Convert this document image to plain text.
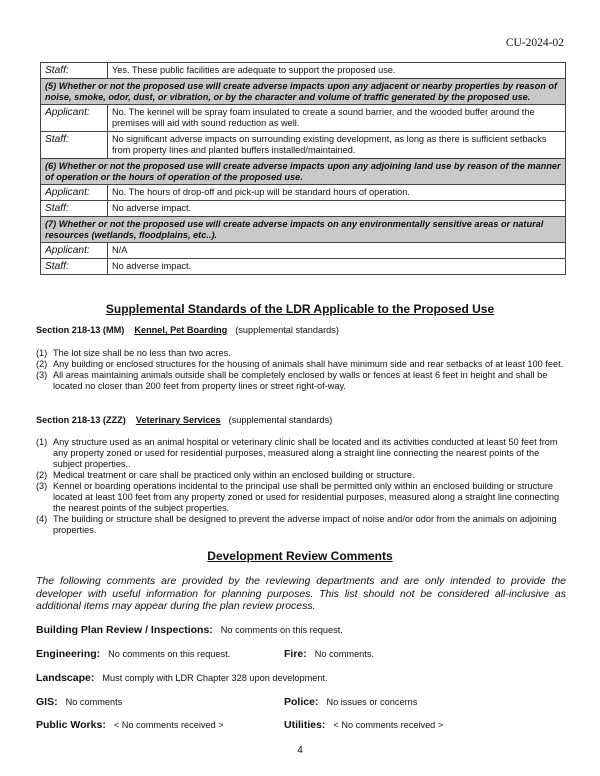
CU-2024-02
Staff:	Yes. These public facilities are adequate to support the proposed use.
(5) Whether or not the proposed use will create adverse impacts upon any adjacent or nearby properties by reason of noise, smoke, odor, dust, or vibration, or by the character and volume of traffic generated by the proposed use.	
Applicant:	No. The kennel will be spray foam insulated to create a sound barrier, and the wooded buffer around the premises will aid with sound reduction as well.
Staff:	No significant adverse impacts on surrounding existing development, as long as there is sufficient setbacks from property lines and planted buffers installed/maintained.
(6) Whether or not the proposed use will create adverse impacts upon any adjoining land use by reason of the manner of operation or the hours of operation of the proposed use.	
Applicant:	No. The hours of drop-off and pick-up will be standard hours of operation.
Staff:	No adverse impact.
(7) Whether or not the proposed use will create adverse impacts on any environmentally sensitive areas or natural resources (wetlands, floodplains, etc..).	
Applicant:	N/A
Staff:	No adverse impact.
Supplemental Standards of the LDR Applicable to the Proposed Use
Section 218-13 (MM) Kennel, Pet Boarding (supplemental standards)
(1) The lot size shall be no less than two acres.
(2) Any building or enclosed structures for the housing of animals shall have minimum side and rear setbacks of at least 100 feet.
(3) All areas maintaining animals outside shall be completely enclosed by walls or fences at least 6 feet in height and shall be located no closer than 200 feet from property lines or street right-of-way.
Section 218-13 (ZZZ) Veterinary Services (supplemental standards)
(1) Any structure used as an animal hospital or veterinary clinic shall be located and its activities conducted at least 50 feet from any property zoned or used for residential purposes, measured along a straight line connecting the nearest points of the subject properties..
(2) Medical treatment or care shall be practiced only within an enclosed building or structure.
(3) Kennel or boarding operations incidental to the principal use shall be permitted only within an enclosed building or structure located at least 100 feet from any property zoned or used for residential purposes, measured along a straight line connecting the nearest points of the subject properties.
(4) The building or structure shall be designed to prevent the adverse impact of noise and/or odor from the animals on adjoining properties.
Development Review Comments
The following comments are provided by the reviewing departments and are only intended to provide the developer with useful information for planning purposes. This list should not be considered all-inclusive as additional items may appear during the plan review process.
Building Plan Review / Inspections: No comments on this request.
Engineering: No comments on this request.	Fire: No comments.
Landscape: Must comply with LDR Chapter 328 upon development.
GIS: No comments	Police: No issues or concerns
Public Works: < No comments received >	Utilities: < No comments received >
4
